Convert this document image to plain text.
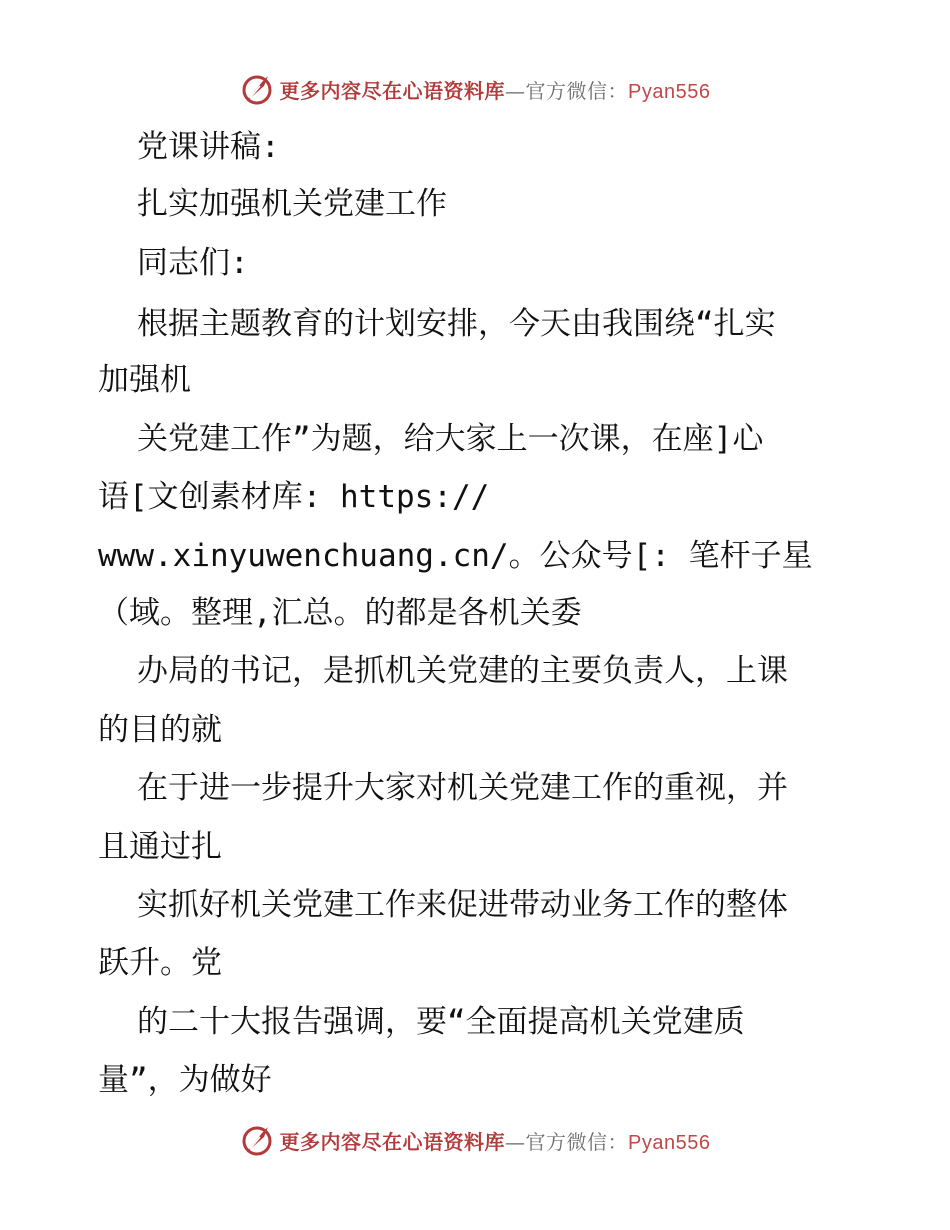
更多内容尽在心语资料库—官方微信：Pyan556
党课讲稿:
扎实加强机关党建工作
同志们:
根据主题教育的计划安排，今天由我围绕“扎实
加强机
关党建工作”为题，给大家上一次课，在座]心
语[文创素材库: https://
www.xinyuwenchuang.cn/。公众号[: 笔杆子星
（域。整理,汇总。的都是各机关委
办局的书记，是抓机关党建的主要负责人，上课
的目的就
在于进一步提升大家对机关党建工作的重视，并
且通过扎
实抓好机关党建工作来促进带动业务工作的整体
跃升。党
的二十大报告强调，要“全面提高机关党建质
量”，为做好
更多内容尽在心语资料库—官方微信：Pyan556
